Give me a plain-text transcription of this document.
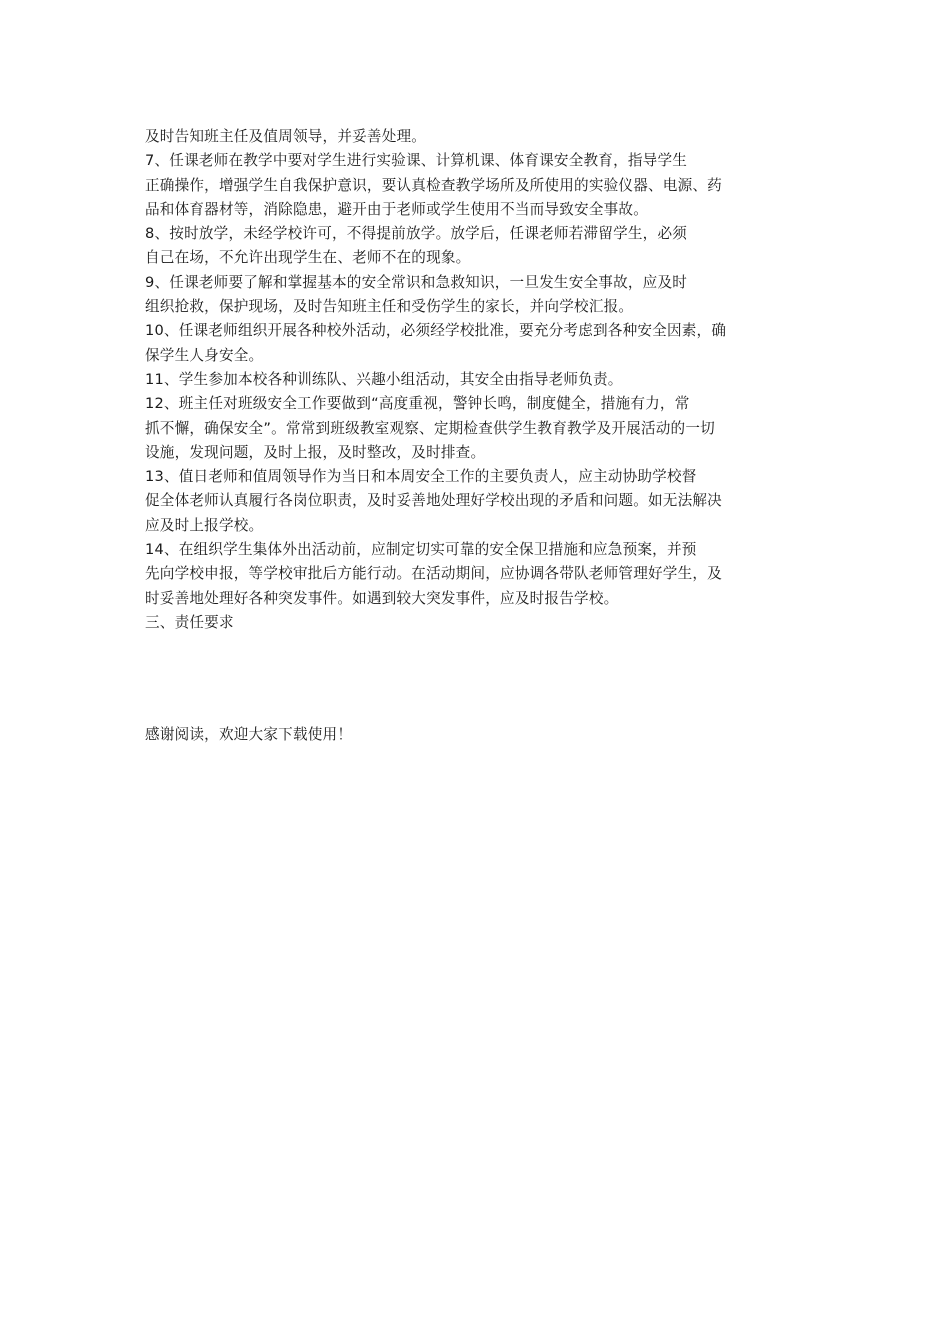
及时告知班主任及值周领导，并妥善处理。
7、任课老师在教学中要对学生进行实验课、计算机课、体育课安全教育，指导学生
正确操作，增强学生自我保护意识，要认真检查教学场所及所使用的实验仪器、电源、药
品和体育器材等，消除隐患，避开由于老师或学生使用不当而导致安全事故。
8、按时放学，未经学校许可，不得提前放学。放学后，任课老师若滞留学生，必须
自己在场，不允许出现学生在、老师不在的现象。
9、任课老师要了解和掌握基本的安全常识和急救知识，一旦发生安全事故，应及时
组织抢救，保护现场，及时告知班主任和受伤学生的家长，并向学校汇报。
10、任课老师组织开展各种校外活动，必须经学校批准，要充分考虑到各种安全因素，确
保学生人身安全。
11、学生参加本校各种训练队、兴趣小组活动，其安全由指导老师负责。
12、班主任对班级安全工作要做到“高度重视，警钟长鸣，制度健全，措施有力，常
抓不懈，确保安全”。常常到班级教室观察、定期检查供学生教育教学及开展活动的一切
设施，发现问题，及时上报，及时整改，及时排查。
13、值日老师和值周领导作为当日和本周安全工作的主要负责人，应主动协助学校督
促全体老师认真履行各岗位职责，及时妥善地处理好学校出现的矛盾和问题。如无法解决
应及时上报学校。
14、在组织学生集体外出活动前，应制定切实可靠的安全保卫措施和应急预案，并预
先向学校申报，等学校审批后方能行动。在活动期间，应协调各带队老师管理好学生，及
时妥善地处理好各种突发事件。如遇到较大突发事件，应及时报告学校。
三、责任要求
感谢阅读，欢迎大家下载使用！
